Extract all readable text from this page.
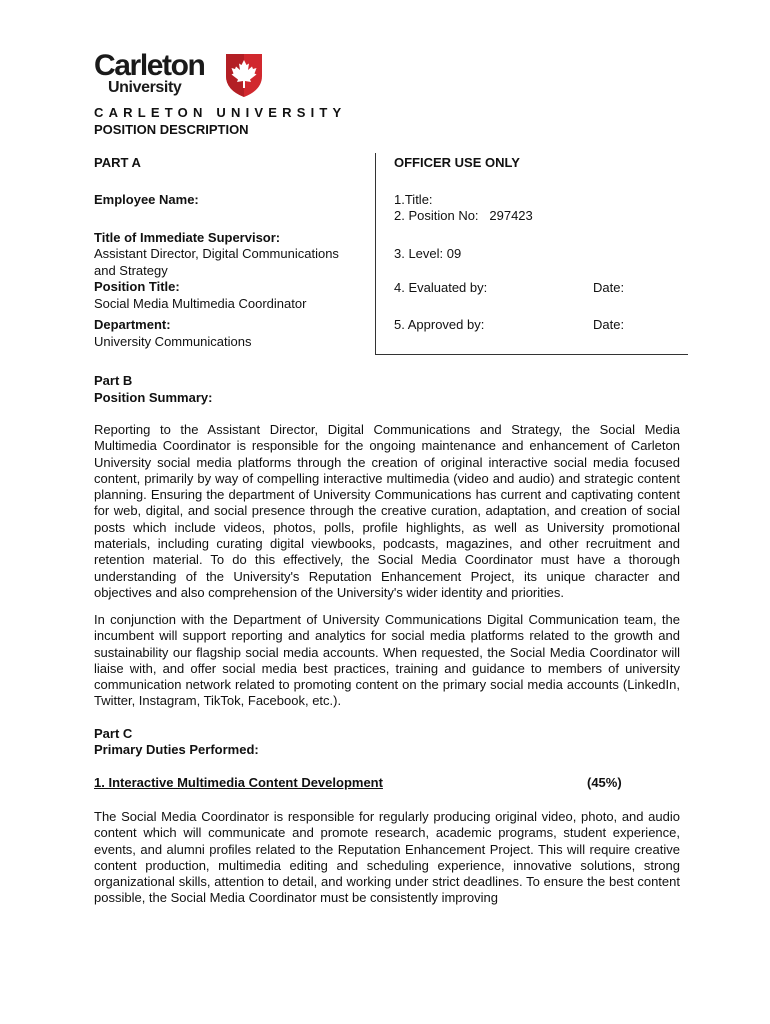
Carleton
University
CARLETON UNIVERSITY
POSITION DESCRIPTION
PART A
Employee Name:
Title of Immediate Supervisor:
Assistant Director, Digital Communications
and Strategy
Position Title:
Social Media Multimedia Coordinator
Department:
University Communications
OFFICER USE ONLY
1.Title:
2. Position No:   297423
3. Level: 09
4. Evaluated by:	Date:
5. Approved by:	Date:
Part B
Position Summary:

Reporting to the Assistant Director, Digital Communications and Strategy, the Social Media Multimedia Coordinator is responsible for the ongoing maintenance and enhancement of Carleton University social media platforms through the creation of original interactive social media focused content, primarily by way of compelling interactive multimedia (video and audio) and strategic content planning. Ensuring the department of University Communications has current and captivating content for web, digital, and social presence through the creative curation, adaptation, and creation of social posts which include videos, photos, polls, profile highlights, as well as University promotional materials, including curating digital viewbooks, podcasts, magazines, and other recruitment and retention material. To do this effectively, the Social Media Coordinator must have a thorough understanding of the University's Reputation Enhancement Project, its unique character and objectives and also comprehension of the University's wider identity and priorities.

In conjunction with the Department of University Communications Digital Communication team, the incumbent will support reporting and analytics for social media platforms related to the growth and sustainability our flagship social media accounts. When requested, the Social Media Coordinator will liaise with, and offer social media best practices, training and guidance to members of university communication network related to promoting content on the primary social media accounts (LinkedIn, Twitter, Instagram, TikTok, Facebook, etc.).

Part C
Primary Duties Performed:
1. Interactive Multimedia Content Development	(45%)

The Social Media Coordinator is responsible for regularly producing original video, photo, and audio content which will communicate and promote research, academic programs, student experience, events, and alumni profiles related to the Reputation Enhancement Project. This will require creative content production, multimedia editing and scheduling experience, innovative solutions, strong organizational skills, attention to detail, and working under strict deadlines. To ensure the best content possible, the Social Media Coordinator must be consistently improving
